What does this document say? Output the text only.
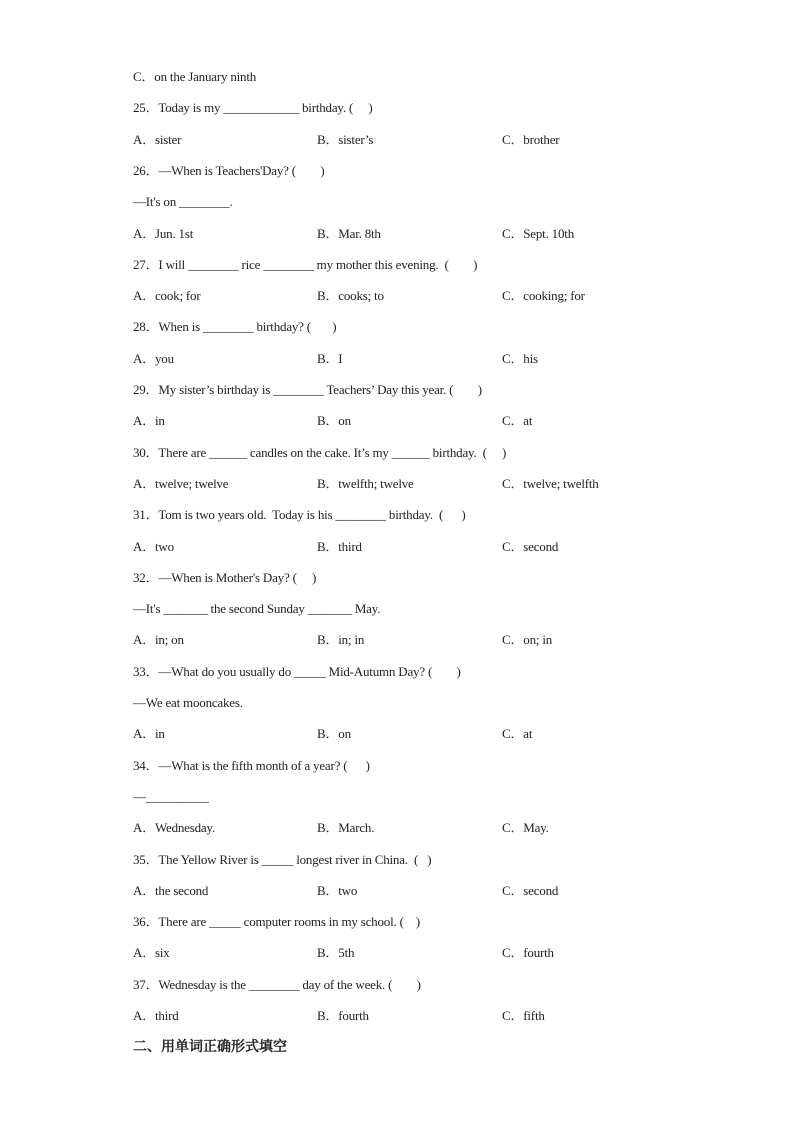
C．on the January ninth
25．Today is my ____________ birthday. (     )
A．sister	B．sister’s	C．brother
26．—When is Teachers'Day? (        )
—It's on ________.
A．Jun. 1st	B．Mar. 8th	C．Sept. 10th
27．I will ________ rice ________ my mother this evening.  (        )
A．cook; for	B．cooks; to	C．cooking; for
28．When is ________ birthday? (       )
A．you	B．I	C．his
29．My sister’s birthday is ________ Teachers’ Day this year. (        )
A．in	B．on	C．at
30．There are ______ candles on the cake. It’s my ______ birthday.  (     )
A．twelve; twelve	B．twelfth; twelve	C．twelve; twelfth
31．Tom is two years old.  Today is his ________ birthday.  (      )
A．two	B．third	C．second
32．—When is Mother's Day? (     )
—It's _______ the second Sunday _______ May.
A．in; on	B．in; in	C．on; in
33．—What do you usually do _____ Mid-Autumn Day? (        )
—We eat mooncakes.
A．in	B．on	C．at
34．—What is the fifth month of a year? (      )
—__________
A．Wednesday.	B．March.	C．May.
35．The Yellow River is _____ longest river in China.  (   )
A．the second	B．two	C．second
36．There are _____ computer rooms in my school. (    )
A．six	B．5th	C．fourth
37．Wednesday is the ________ day of the week. (        )
A．third	B．fourth	C．fifth
二、用单词正确形式填空
